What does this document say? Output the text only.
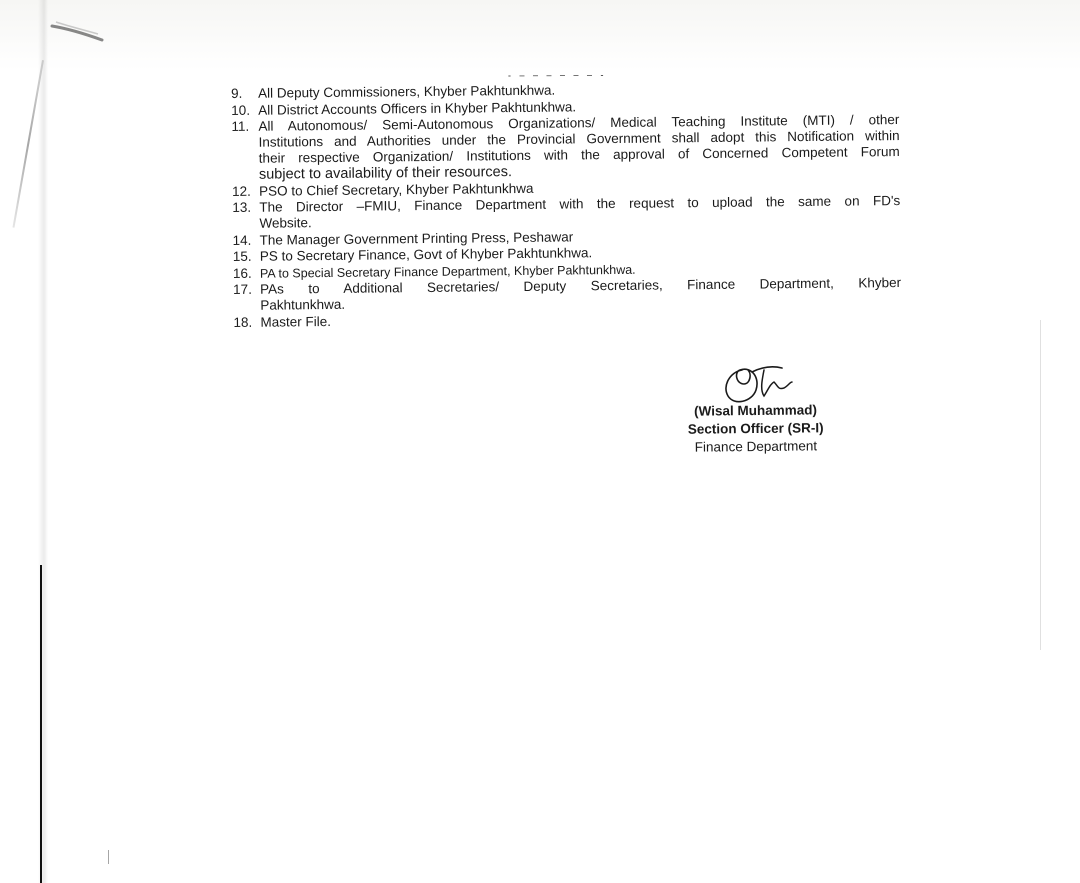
- ‒ ‒ ‒ ‒ ‒ ‒ -
9. All Deputy Commissioners, Khyber Pakhtunkhwa.
10. All District Accounts Officers in Khyber Pakhtunkhwa.
11. All Autonomous/ Semi-Autonomous Organizations/ Medical Teaching Institute (MTI) / other
Institutions and Authorities under the Provincial Government shall adopt this Notification within
their respective Organization/ Institutions with the approval of Concerned Competent Forum
subject to availability of their resources.
12. PSO to Chief Secretary, Khyber Pakhtunkhwa
13. The Director –FMIU, Finance Department with the request to upload the same on FD's
Website.
14. The Manager Government Printing Press, Peshawar
15. PS to Secretary Finance, Govt of Khyber Pakhtunkhwa.
16. PA to Special Secretary Finance Department, Khyber Pakhtunkhwa.
17. PAs to Additional Secretaries/ Deputy Secretaries, Finance Department, Khyber
Pakhtunkhwa.
18. Master File.
(Wisal Muhammad)
Section Officer (SR-I)
Finance Department
